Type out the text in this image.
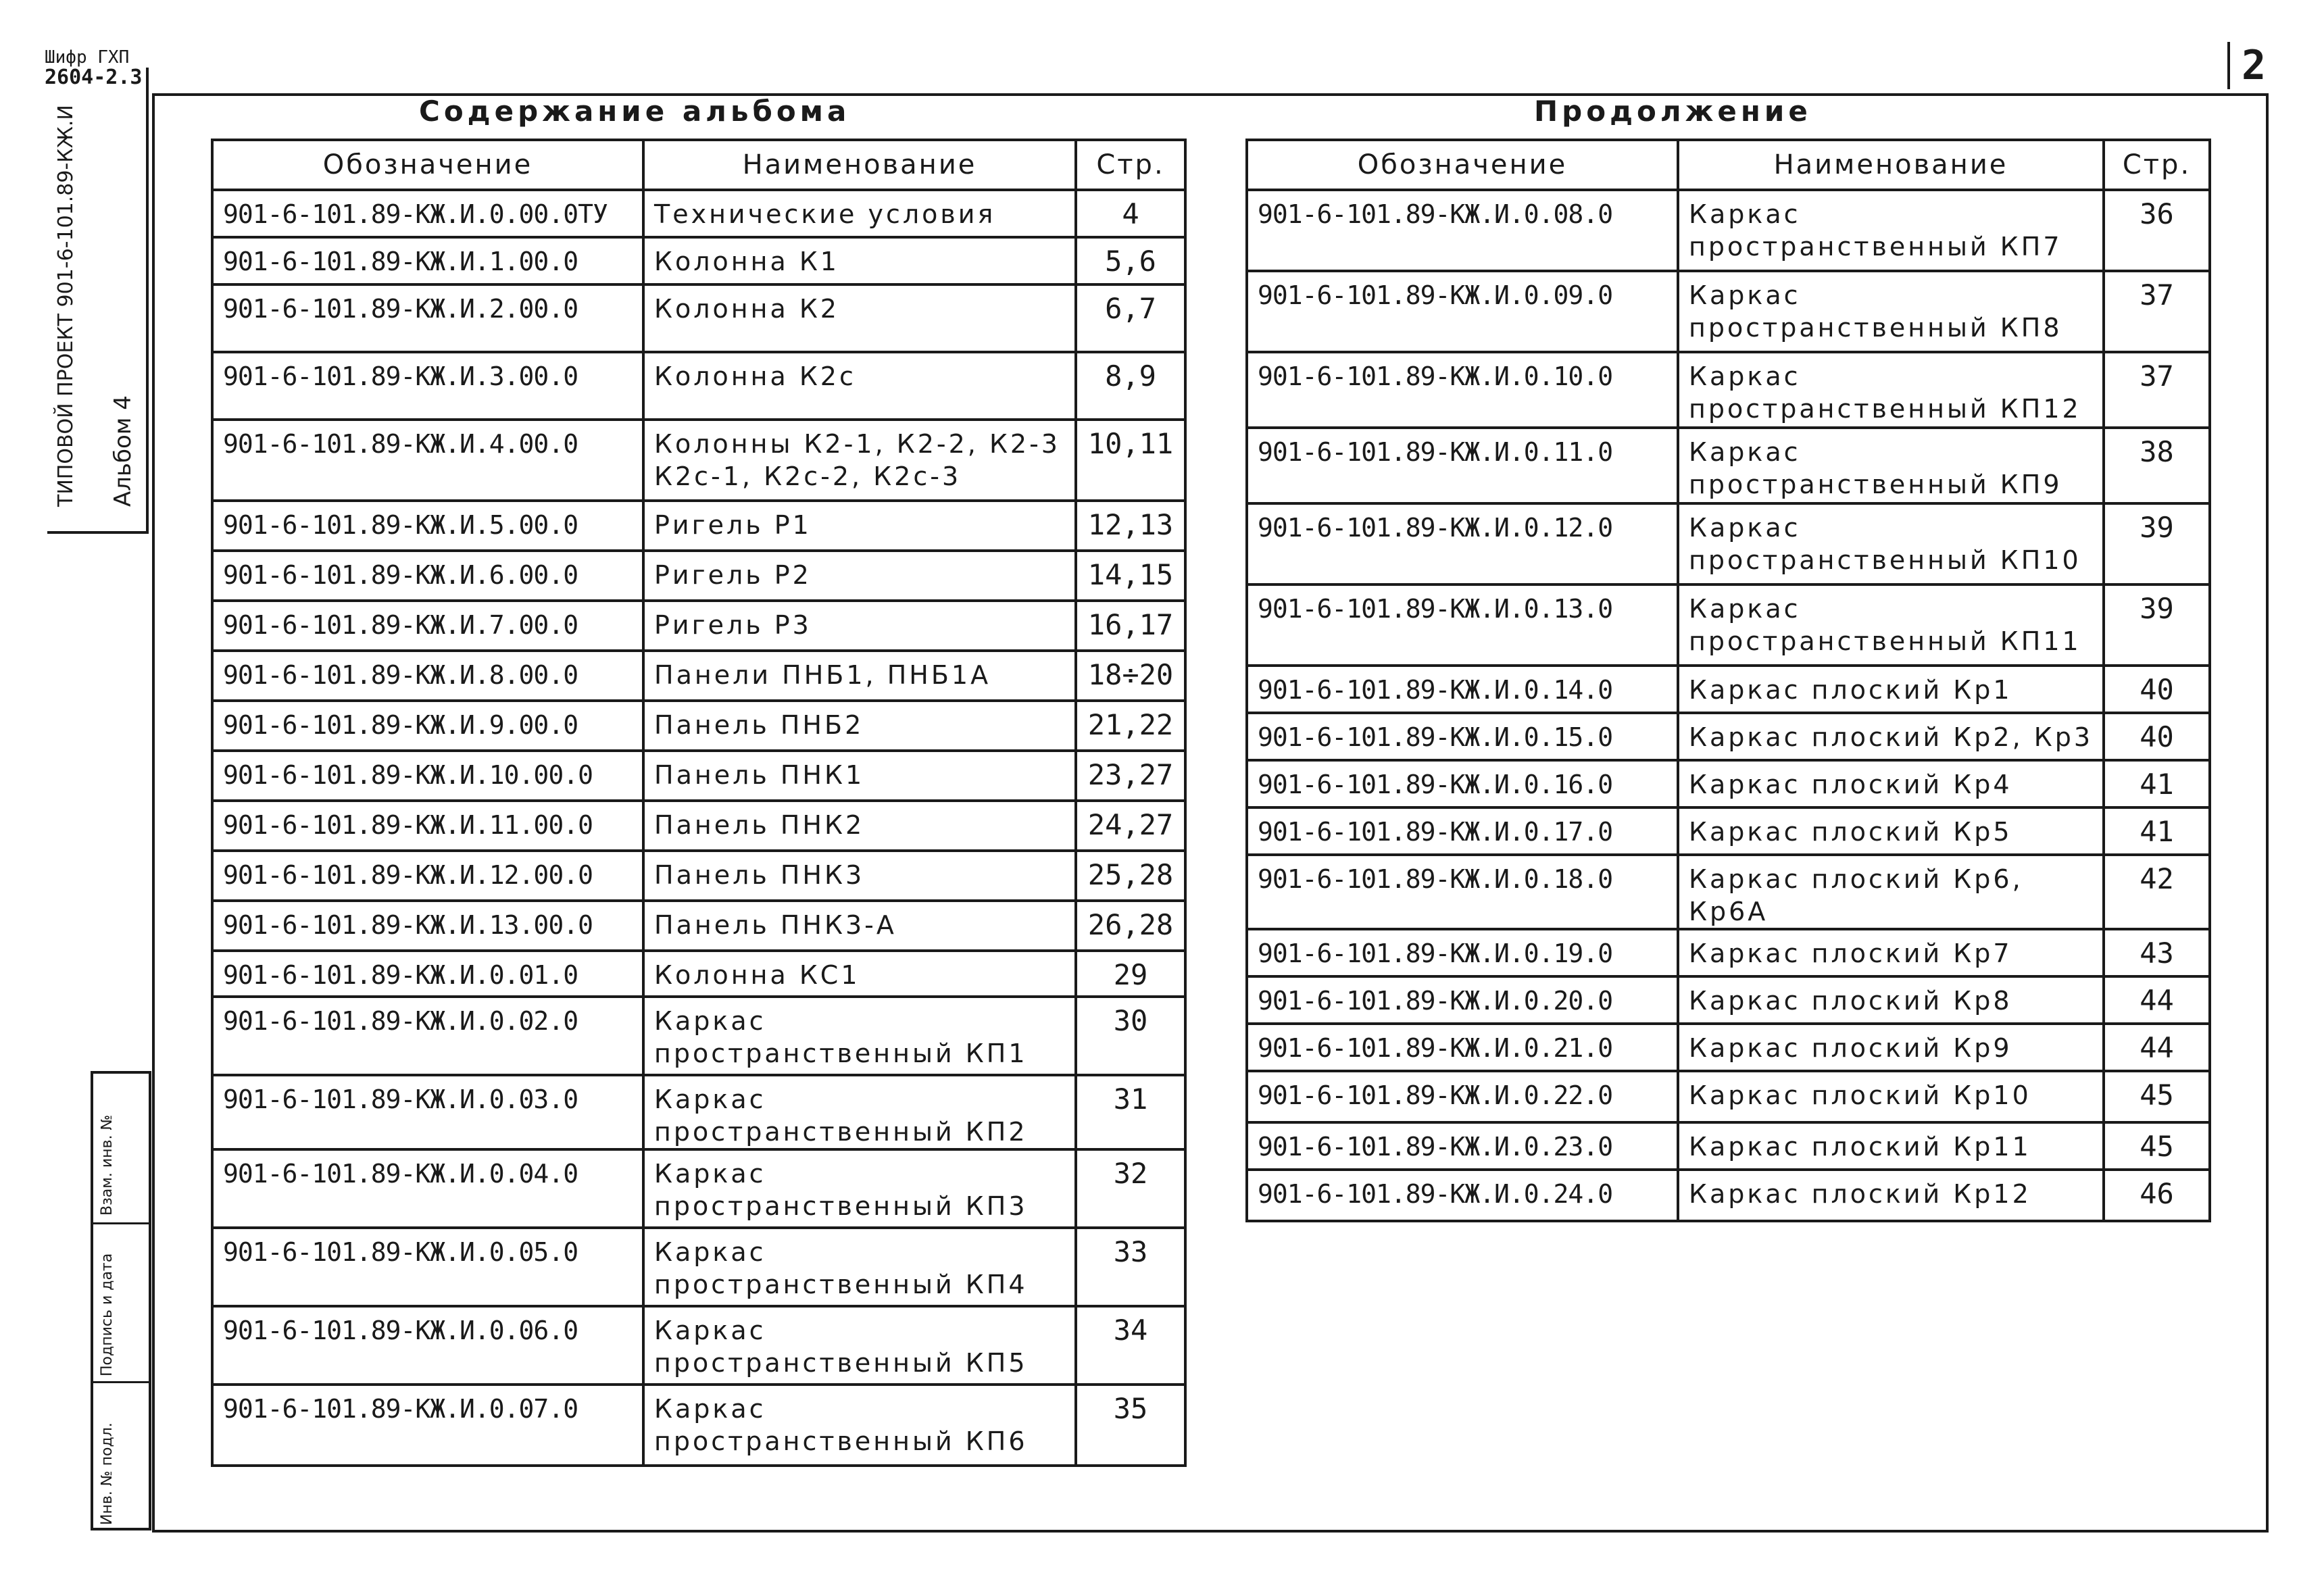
Шифр ГХП
2604-2.3
ТИПОВОЙ ПРОЕКТ 901-6-101.89-КЖ.И Альбом 4
Взам. инв. №
Подпись и дата
Инв. № подл.
2
Содержание альбома
Обозначение	Наименование	Стр.
901-6-101.89-КЖ.И.0.00.0ТУ	Технические условия	4
901-6-101.89-КЖ.И.1.00.0	Колонна К1	5,6
901-6-101.89-КЖ.И.2.00.0	Колонна К2	6,7
901-6-101.89-КЖ.И.3.00.0	Колонна К2с	8,9
901-6-101.89-КЖ.И.4.00.0	Колонны К2-1, К2-2, К2-3 К2с-1, К2с-2, К2с-3	10,11
901-6-101.89-КЖ.И.5.00.0	Ригель Р1	12,13
901-6-101.89-КЖ.И.6.00.0	Ригель Р2	14,15
901-6-101.89-КЖ.И.7.00.0	Ригель Р3	16,17
901-6-101.89-КЖ.И.8.00.0	Панели ПНБ1, ПНБ1А	18÷20
901-6-101.89-КЖ.И.9.00.0	Панель ПНБ2	21,22
901-6-101.89-КЖ.И.10.00.0	Панель ПНК1	23,27
901-6-101.89-КЖ.И.11.00.0	Панель ПНК2	24,27
901-6-101.89-КЖ.И.12.00.0	Панель ПНК3	25,28
901-6-101.89-КЖ.И.13.00.0	Панель ПНК3-А	26,28
901-6-101.89-КЖ.И.0.01.0	Колонна КС1	29
901-6-101.89-КЖ.И.0.02.0	Каркас пространственный КП1	30
901-6-101.89-КЖ.И.0.03.0	Каркас пространственный КП2	31
901-6-101.89-КЖ.И.0.04.0	Каркас пространственный КП3	32
901-6-101.89-КЖ.И.0.05.0	Каркас пространственный КП4	33
901-6-101.89-КЖ.И.0.06.0	Каркас пространственный КП5	34
901-6-101.89-КЖ.И.0.07.0	Каркас пространственный КП6	35
Продолжение
Обозначение	Наименование	Стр.
901-6-101.89-КЖ.И.0.08.0	Каркас пространственный КП7	36
901-6-101.89-КЖ.И.0.09.0	Каркас пространственный КП8	37
901-6-101.89-КЖ.И.0.10.0	Каркас пространственный КП12	37
901-6-101.89-КЖ.И.0.11.0	Каркас пространственный КП9	38
901-6-101.89-КЖ.И.0.12.0	Каркас пространственный КП10	39
901-6-101.89-КЖ.И.0.13.0	Каркас пространственный КП11	39
901-6-101.89-КЖ.И.0.14.0	Каркас плоский Кр1	40
901-6-101.89-КЖ.И.0.15.0	Каркас плоский Кр2, Кр3	40
901-6-101.89-КЖ.И.0.16.0	Каркас плоский Кр4	41
901-6-101.89-КЖ.И.0.17.0	Каркас плоский Кр5	41
901-6-101.89-КЖ.И.0.18.0	Каркас плоский Кр6, Кр6А	42
901-6-101.89-КЖ.И.0.19.0	Каркас плоский Кр7	43
901-6-101.89-КЖ.И.0.20.0	Каркас плоский Кр8	44
901-6-101.89-КЖ.И.0.21.0	Каркас плоский Кр9	44
901-6-101.89-КЖ.И.0.22.0	Каркас плоский Кр10	45
901-6-101.89-КЖ.И.0.23.0	Каркас плоский Кр11	45
901-6-101.89-КЖ.И.0.24.0	Каркас плоский Кр12	46
